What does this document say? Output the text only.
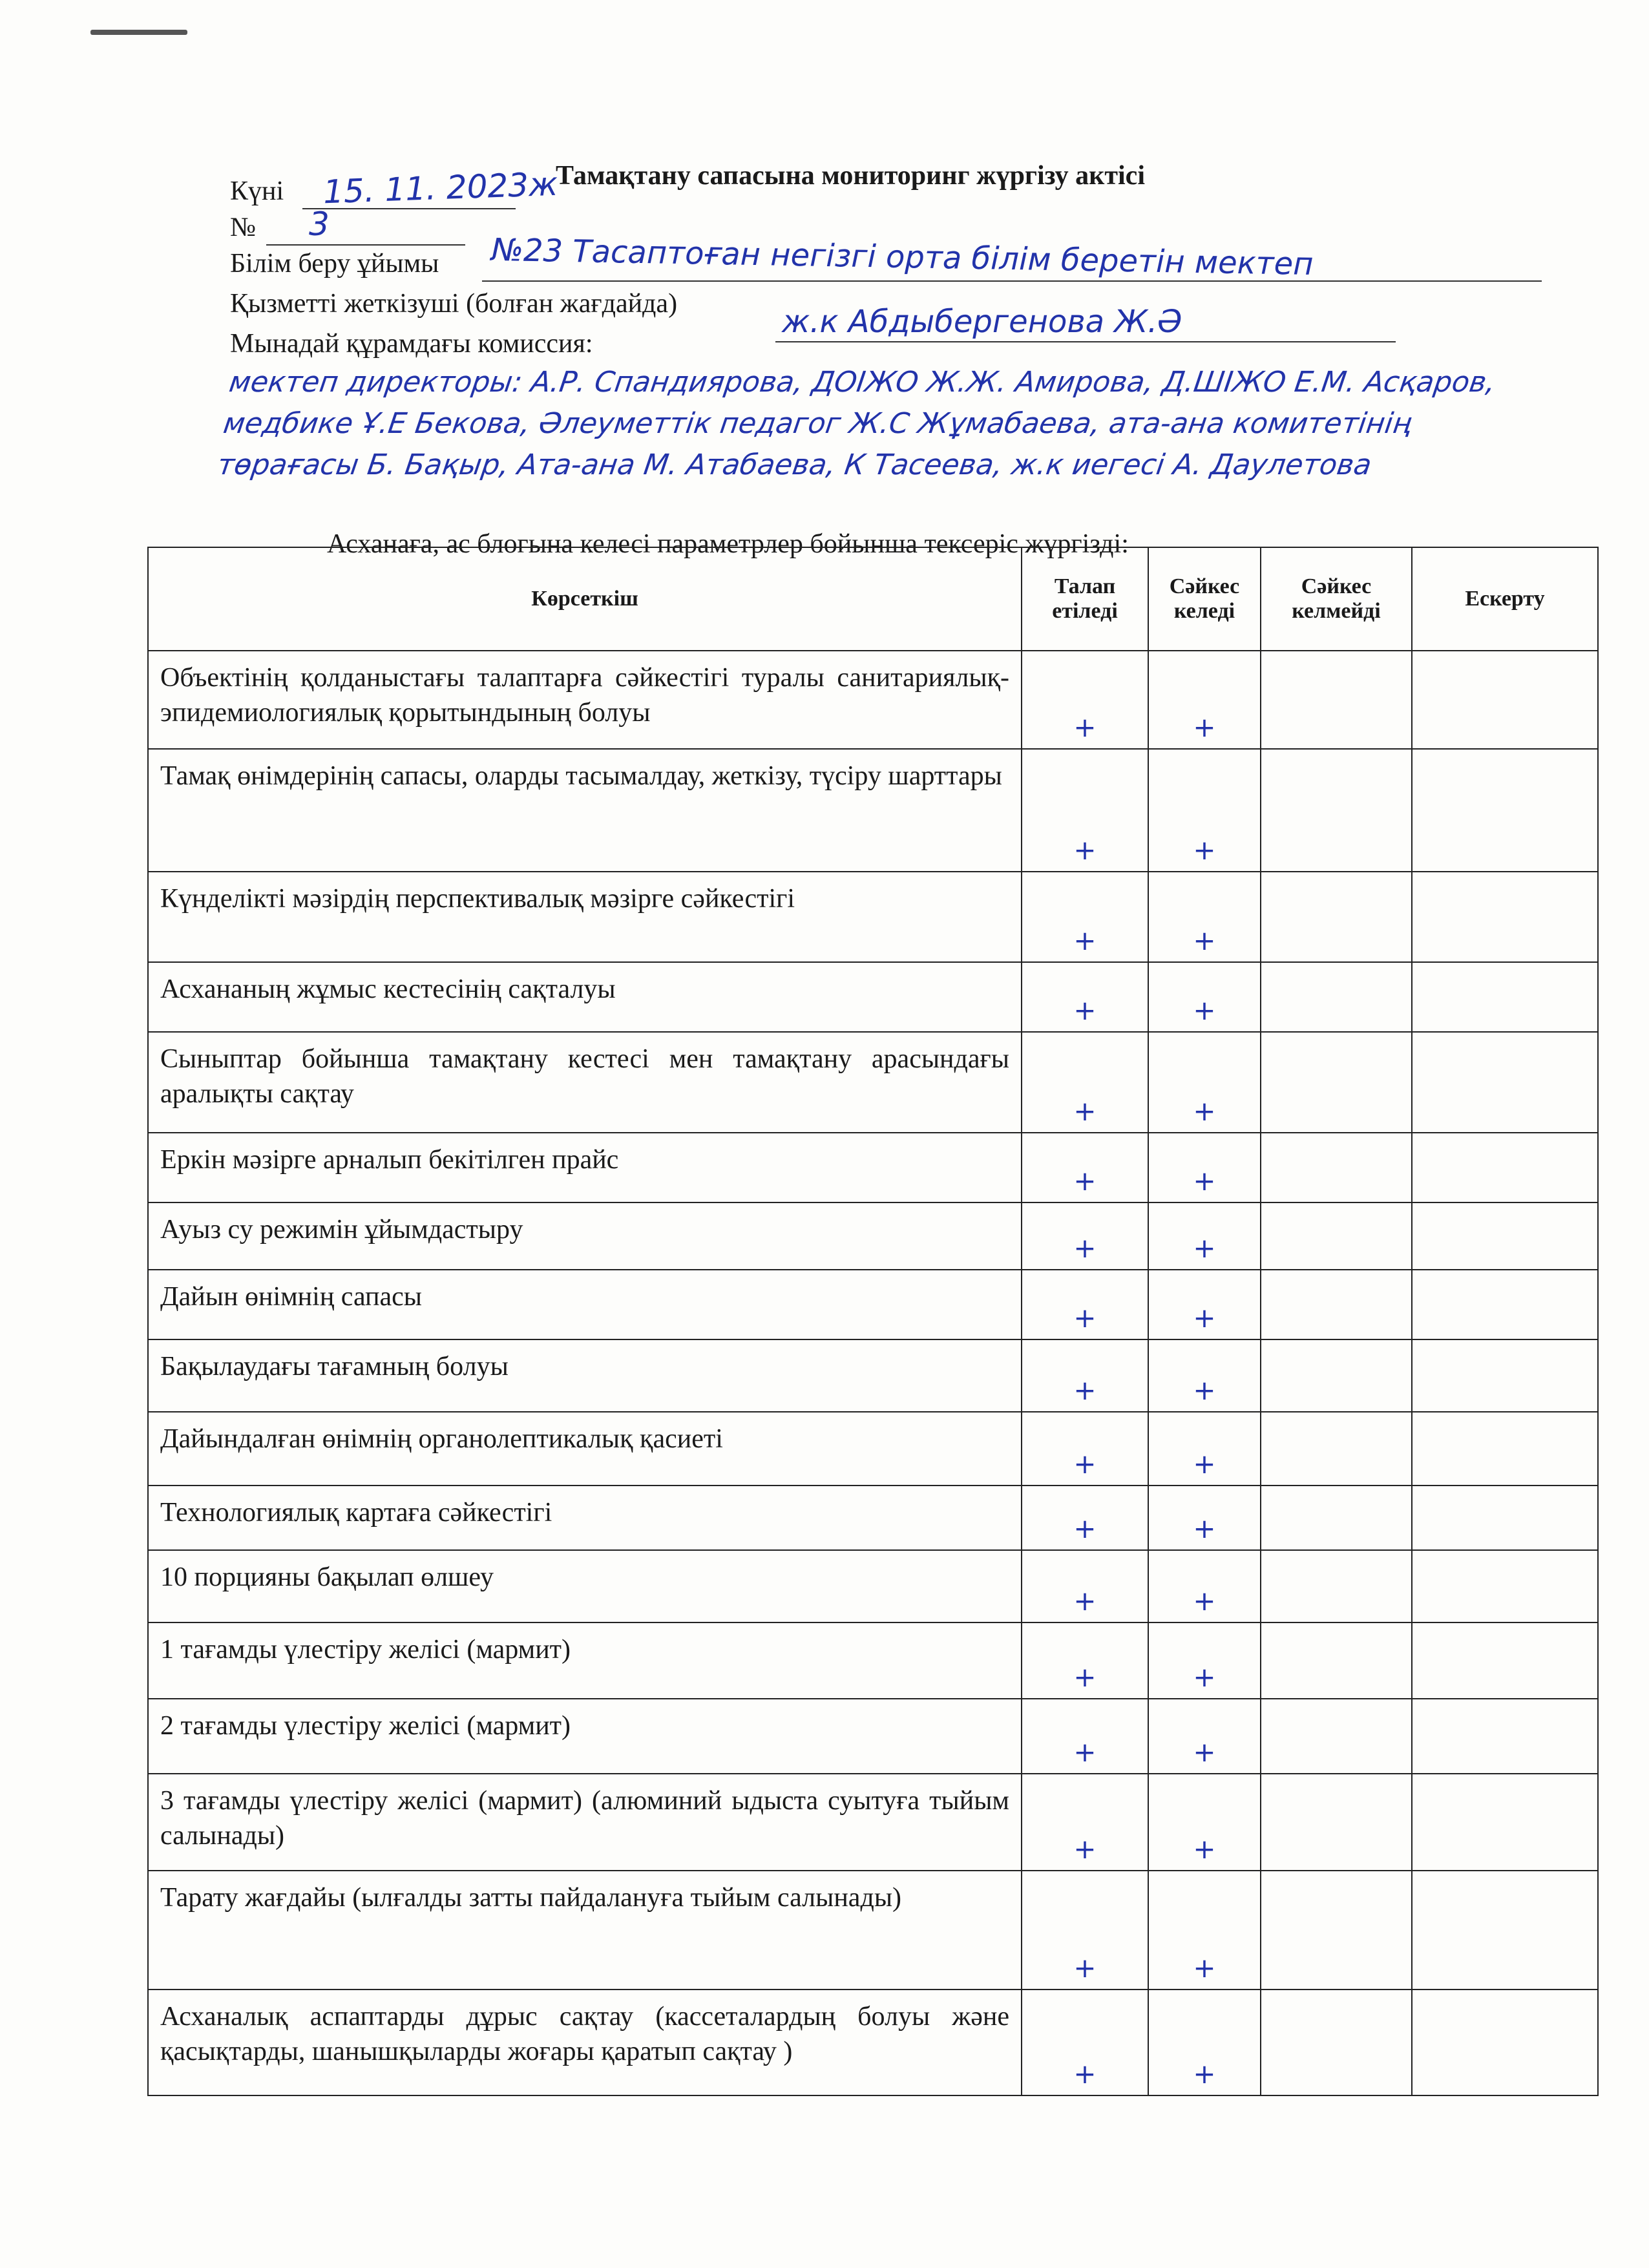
Тамақтану сапасына мониторинг жүргізу актісі
Күні 15. 11. 2023ж
№ 3
Білім беру ұйымы №23 Тасаптоған негізгі орта білім беретін мектеп
Қызметті жеткізуші (болған жағдайда)	ж.к Абдыбергенова Ж.Ә
Мынадай құрамдағы комиссия:
мектеп директоры: А.Р. Спандиярова, ДОІЖО Ж.Ж. Амирова, Д.ШІЖО Е.М. Асқаров, медбике Ұ.Е Бекова, Әлеуметтік педагог Ж.С Жұмабаева, ата-ана комитетінің төрағасы Б. Бақыр, Ата-ана М. Атабаева, К Тасеева, ж.к иегесі А. Даулетова
Асханаға, ас блогына келесі параметрлер бойынша тексеріс жүргізді:
Көрсеткіш	Талап етіледі	Сәйкес келеді	Сәйкес келмейді	Ескерту
Объектінің қолданыстағы талаптарға сәйкестігі туралы санитариялық-эпидемиологиялық қорытындының болуы	+	+		
Тамақ өнімдерінің сапасы, оларды тасымалдау, жеткізу, түсіру шарттары	+	+		
Күнделікті мәзірдің перспективалық мәзірге сәйкестігі	+	+		
Асхананың жұмыс кестесінің сақталуы	+	+		
Сыныптар бойынша тамақтану кестесі мен тамақтану арасындағы аралықты сақтау	+	+		
Еркін мәзірге арналып бекітілген прайс	+	+		
Ауыз су режимін ұйымдастыру	+	+		
Дайын өнімнің сапасы	+	+		
Бақылаудағы тағамның болуы	+	+		
Дайындалған өнімнің органолептикалық қасиеті	+	+		
Технологиялық картаға сәйкестігі	+	+		
10 порцияны бақылап өлшеу	+	+		
1 тағамды үлестіру желісі (мармит)	+	+		
2 тағамды үлестіру желісі (мармит)	+	+		
3 тағамды үлестіру желісі (мармит) (алюминий ыдыста суытуға тыйым салынады)	+	+		
Тарату жағдайы (ылғалды затты пайдалануға тыйым салынады)	+	+		
Асханалық аспаптарды дұрыс сақтау (кассеталардың болуы және қасықтарды, шанышқыларды жоғары қаратып сақтау )	+	+		
